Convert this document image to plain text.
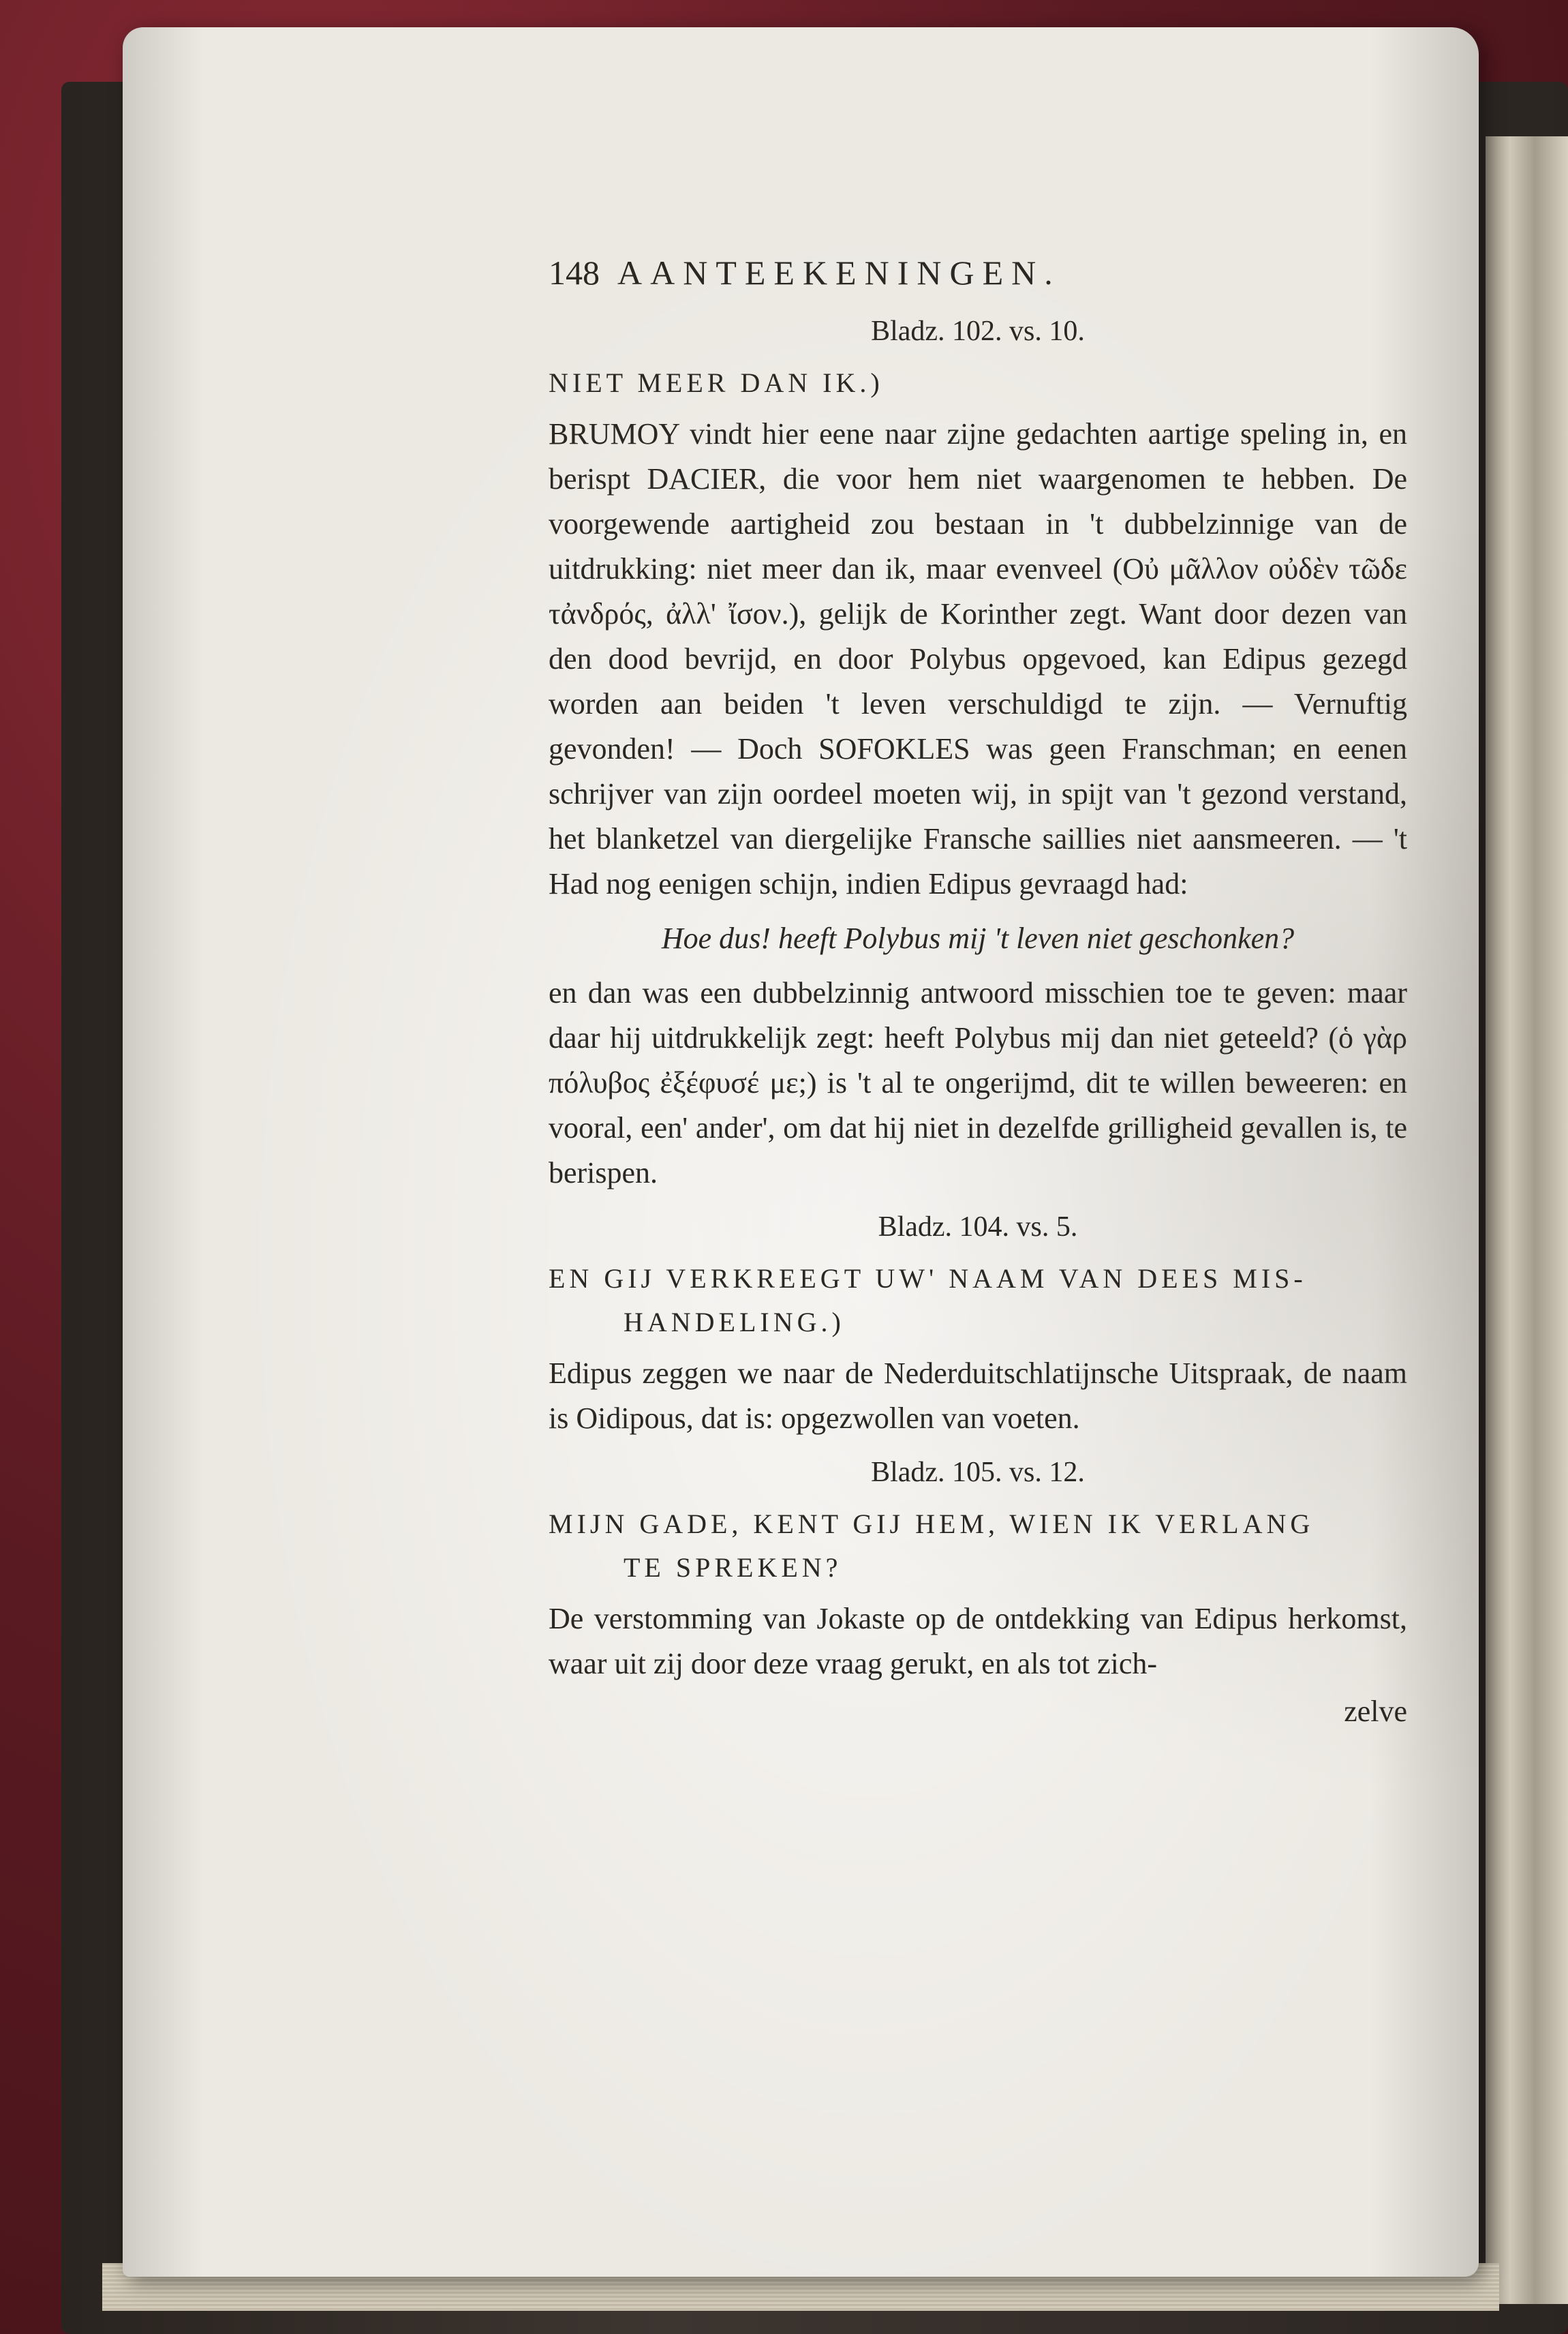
148 AANTEEKENINGEN.
Bladz. 102. vs. 10.
NIET MEER DAN IK.)

BRUMOY vindt hier eene naar zijne gedachten aartige speling in, en berispt DACIER, die voor hem niet waargenomen te hebben. De voorgewende aartigheid zou bestaan in 't dubbelzinnige van de uitdrukking: niet meer dan ik, maar evenveel (Οὐ μᾶλλον οὐδὲν τῶδε τἀνδρός, ἀλλ' ἴσον.), gelijk de Korinther zegt. Want door dezen van den dood bevrijd, en door Polybus opgevoed, kan Edipus gezegd worden aan beiden 't leven verschuldigd te zijn. — Vernuftig gevonden! — Doch SOFOKLES was geen Franschman; en eenen schrijver van zijn oordeel moeten wij, in spijt van 't gezond verstand, het blanketzel van diergelijke Fransche saillies niet aansmeeren. — 't Had nog eenigen schijn, indien Edipus gevraagd had:

Hoe dus! heeft Polybus mij 't leven niet geschonken?

en dan was een dubbelzinnig antwoord misschien toe te geven: maar daar hij uitdrukkelijk zegt: heeft Polybus mij dan niet geteeld? (ὁ γὰρ πόλυβος ἐξέφυσέ με;) is 't al te ongerijmd, dit te willen beweeren: en vooral, een' ander', om dat hij niet in dezelfde grilligheid gevallen is, te berispen.

Bladz. 104. vs. 5.
EN GIJ VERKREEGT UW' NAAM VAN DEES MIS-
HANDELING.)

Edipus zeggen we naar de Nederduitschlatijnsche Uitspraak, de naam is Oidipous, dat is: opgezwollen van voeten.

Bladz. 105. vs. 12.
MIJN GADE, KENT GIJ HEM, WIEN IK VERLANG
TE SPREKEN?

De verstomming van Jokaste op de ontdekking van Edipus herkomst, waar uit zij door deze vraag gerukt, en als tot zich-

zelve
